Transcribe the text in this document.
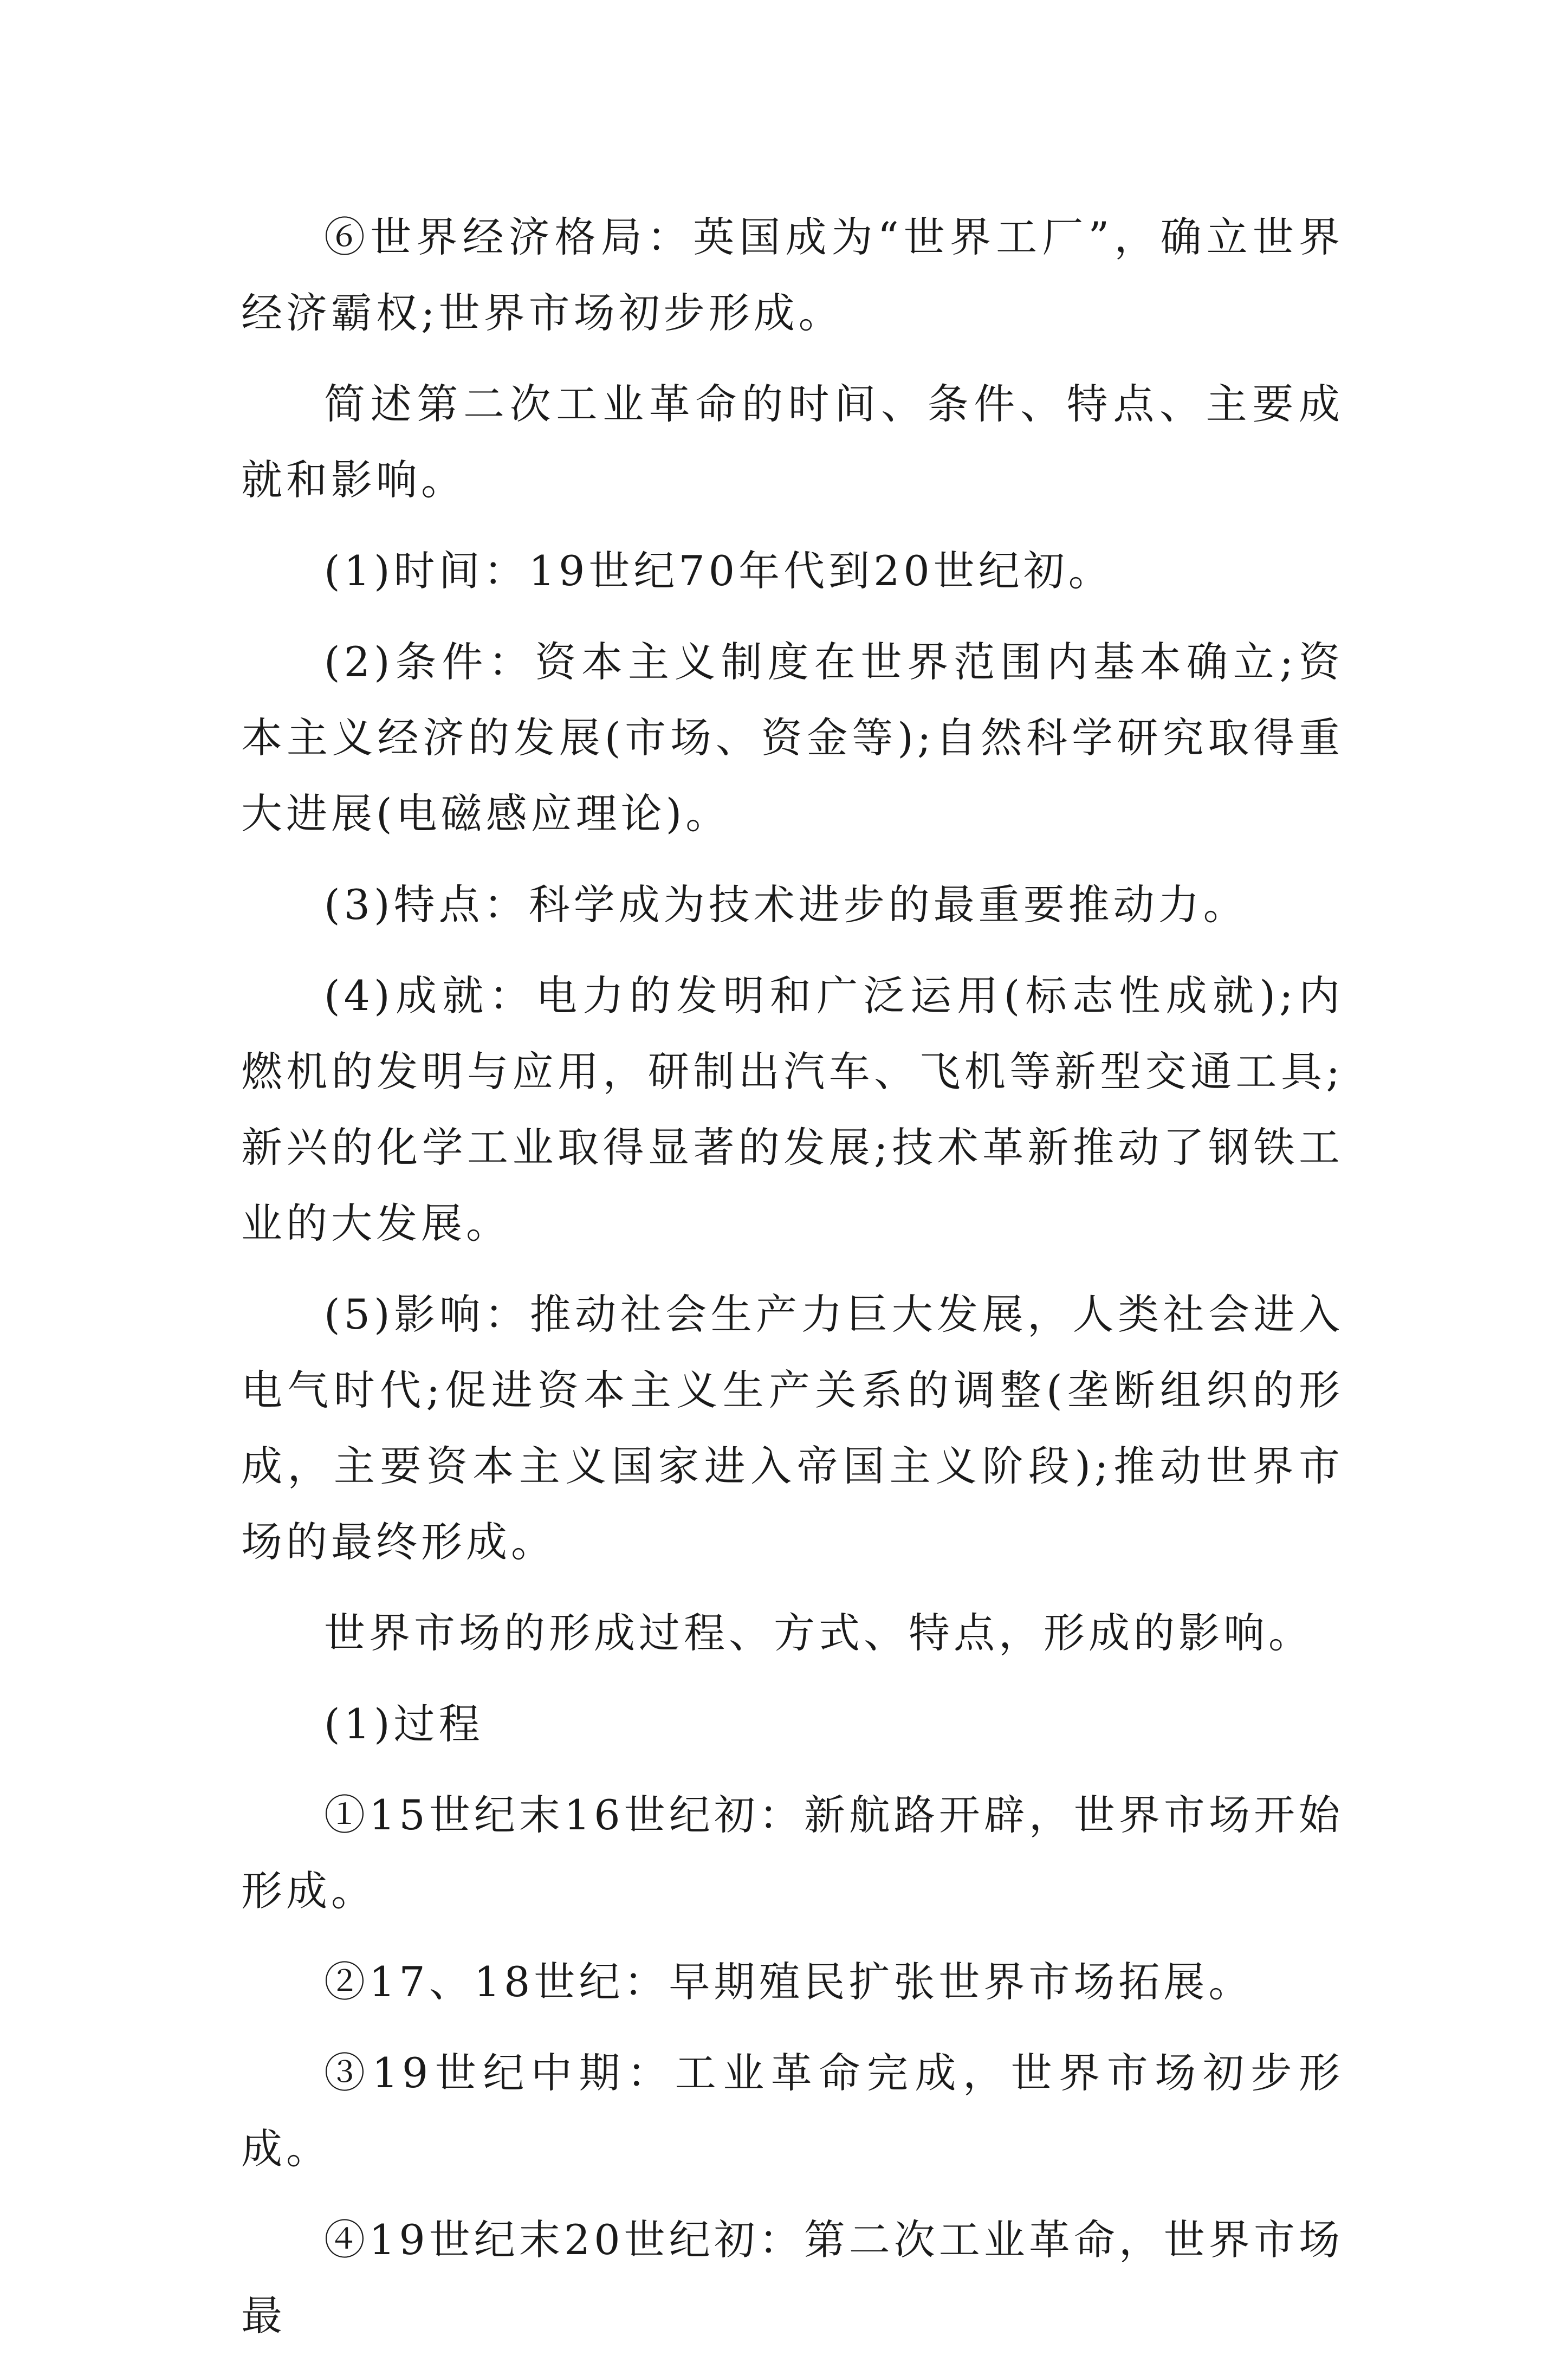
⑥世界经济格局：英国成为“世界工厂”，确立世界经济霸权;世界市场初步形成。

简述第二次工业革命的时间、条件、特点、主要成就和影响。

(1)时间：19世纪70年代到20世纪初。

(2)条件：资本主义制度在世界范围内基本确立;资本主义经济的发展(市场、资金等);自然科学研究取得重大进展(电磁感应理论)。

(3)特点：科学成为技术进步的最重要推动力。

(4)成就：电力的发明和广泛运用(标志性成就);内燃机的发明与应用，研制出汽车、飞机等新型交通工具;新兴的化学工业取得显著的发展;技术革新推动了钢铁工业的大发展。

(5)影响：推动社会生产力巨大发展，人类社会进入电气时代;促进资本主义生产关系的调整(垄断组织的形成，主要资本主义国家进入帝国主义阶段);推动世界市场的最终形成。

世界市场的形成过程、方式、特点，形成的影响。

(1)过程

①15世纪末16世纪初：新航路开辟，世界市场开始形成。

②17、18世纪：早期殖民扩张世界市场拓展。

③19世纪中期：工业革命完成，世界市场初步形成。

④19世纪末20世纪初：第二次工业革命，世界市场最
